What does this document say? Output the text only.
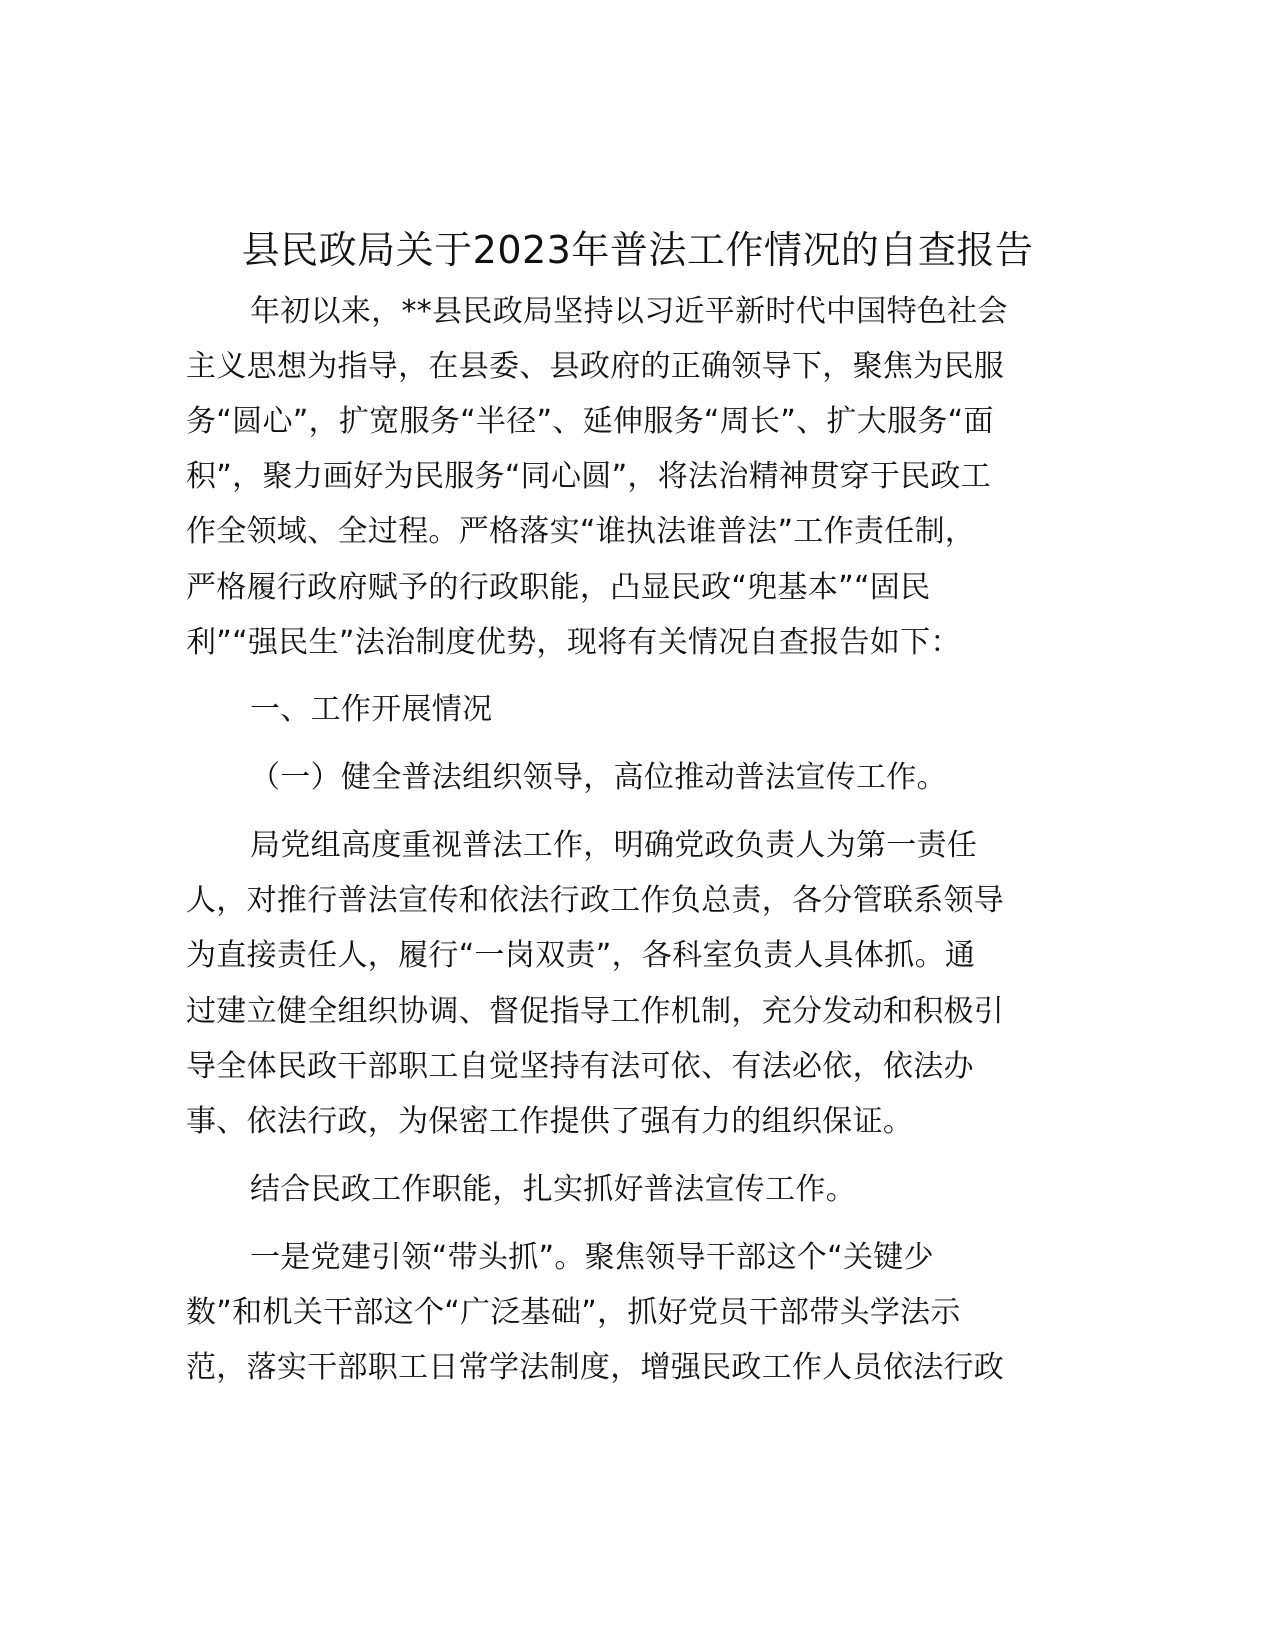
县民政局关于2023年普法工作情况的自查报告
年初以来，**县民政局坚持以习近平新时代中国特色社会
主义思想为指导，在县委、县政府的正确领导下，聚焦为民服
务“圆心”，扩宽服务“半径”、延伸服务“周长”、扩大服务“面
积”，聚力画好为民服务“同心圆”，将法治精神贯穿于民政工
作全领域、全过程。严格落实“谁执法谁普法”工作责任制，
严格履行政府赋予的行政职能，凸显民政“兜基本”“固民
利”“强民生”法治制度优势，现将有关情况自查报告如下：
一、工作开展情况
（一）健全普法组织领导，高位推动普法宣传工作。
局党组高度重视普法工作，明确党政负责人为第一责任
人，对推行普法宣传和依法行政工作负总责，各分管联系领导
为直接责任人，履行“一岗双责”，各科室负责人具体抓。通
过建立健全组织协调、督促指导工作机制，充分发动和积极引
导全体民政干部职工自觉坚持有法可依、有法必依，依法办
事、依法行政，为保密工作提供了强有力的组织保证。
结合民政工作职能，扎实抓好普法宣传工作。
一是党建引领“带头抓”。聚焦领导干部这个“关键少
数”和机关干部这个“广泛基础”，抓好党员干部带头学法示
范，落实干部职工日常学法制度，增强民政工作人员依法行政
